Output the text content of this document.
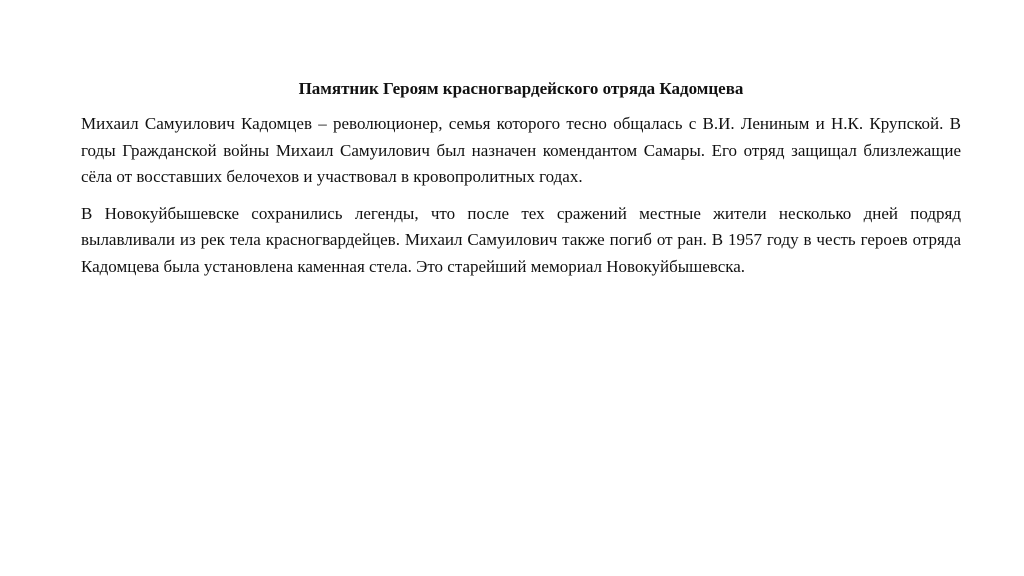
Памятник Героям красногвардейского отряда Кадомцева

Михаил Самуилович Кадомцев – революционер, семья которого тесно общалась с В.И. Лениным и Н.К. Крупской. В годы Гражданской войны Михаил Самуилович был назначен комендантом Самары. Его отряд защищал близлежащие сёла от восставших белочехов и участвовал в кровопролитных годах.

В Новокуйбышевске сохранились легенды, что после тех сражений местные жители несколько дней подряд вылавливали из рек тела красногвардейцев. Михаил Самуилович также погиб от ран. В 1957 году в честь героев отряда Кадомцева была установлена каменная стела. Это старейший мемориал Новокуйбышевска.
